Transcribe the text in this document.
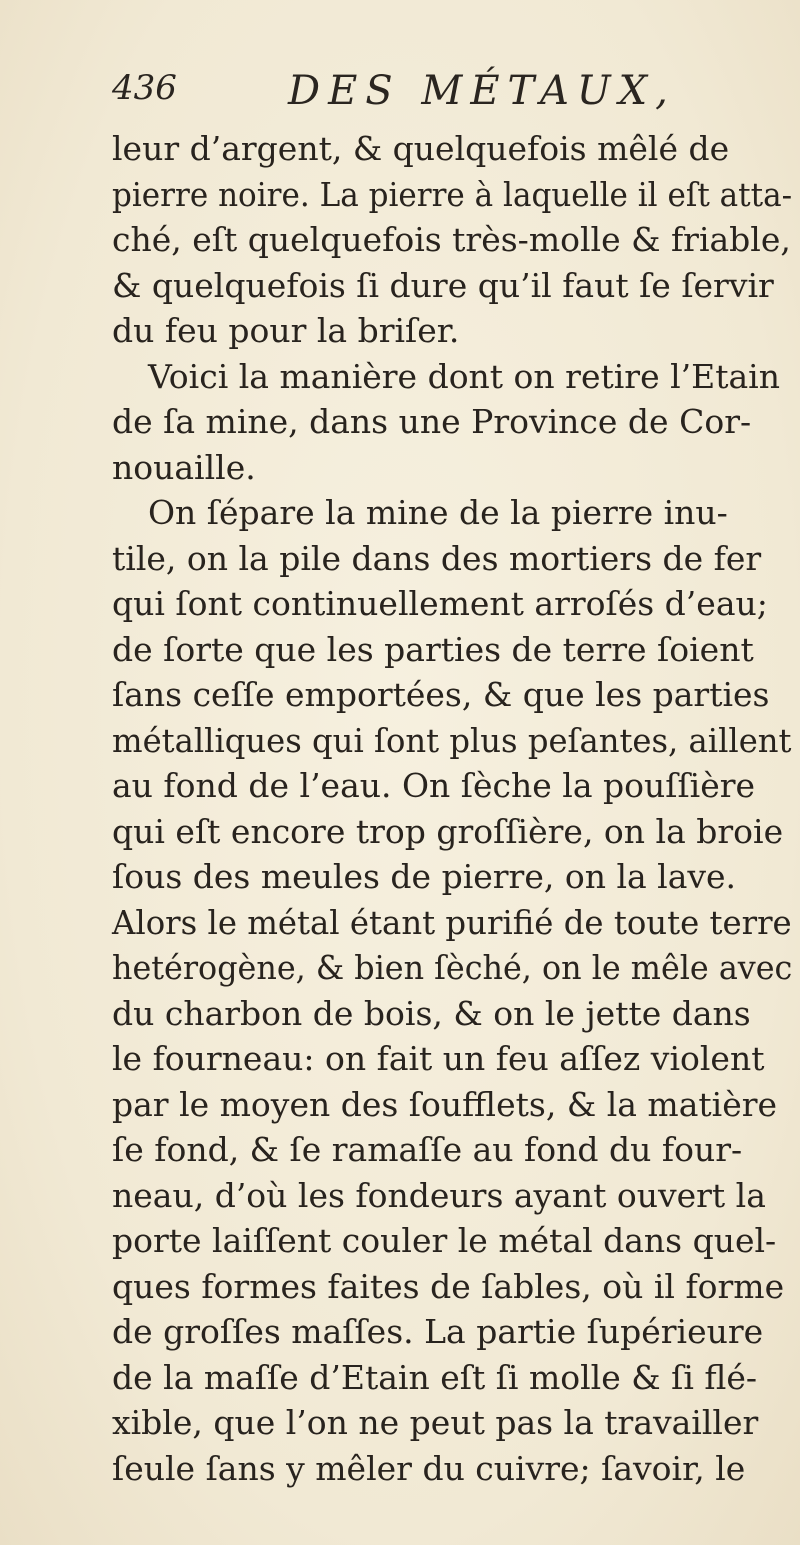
436	DES MÉTAUX,
leur d’argent, & quelquefois mêlé de
pierre noire. La pierre à laquelle il eſt atta-
ché, eſt quelquefois très-molle & friable,
& quelquefois ſi dure qu’il faut ſe ſervir
du feu pour la briſer.
Voici la manière dont on retire l’Etain
de ſa mine, dans une Province de Cor-
nouaille.
On ſépare la mine de la pierre inu-
tile, on la pile dans des mortiers de fer
qui ſont continuellement arroſés d’eau;
de ſorte que les parties de terre ſoient
ſans ceſſe emportées, & que les parties
métalliques qui ſont plus peſantes, aillent
au fond de l’eau. On ſèche la pouſſière
qui eſt encore trop groſſière, on la broie
ſous des meules de pierre, on la lave.
Alors le métal étant purifié de toute terre
hetérogène, & bien ſèché, on le mêle avec
du charbon de bois, & on le jette dans
le fourneau: on fait un feu aſſez violent
par le moyen des ſoufflets, & la matière
ſe fond, & ſe ramaſſe au fond du four-
neau, d’où les fondeurs ayant ouvert la
porte laiſſent couler le métal dans quel-
ques formes faites de ſables, où il forme
de groſſes maſſes. La partie ſupérieure
de la maſſe d’Etain eſt ſi molle & ſi flé-
xible, que l’on ne peut pas la travailler
ſeule ſans y mêler du cuivre; ſavoir, le
